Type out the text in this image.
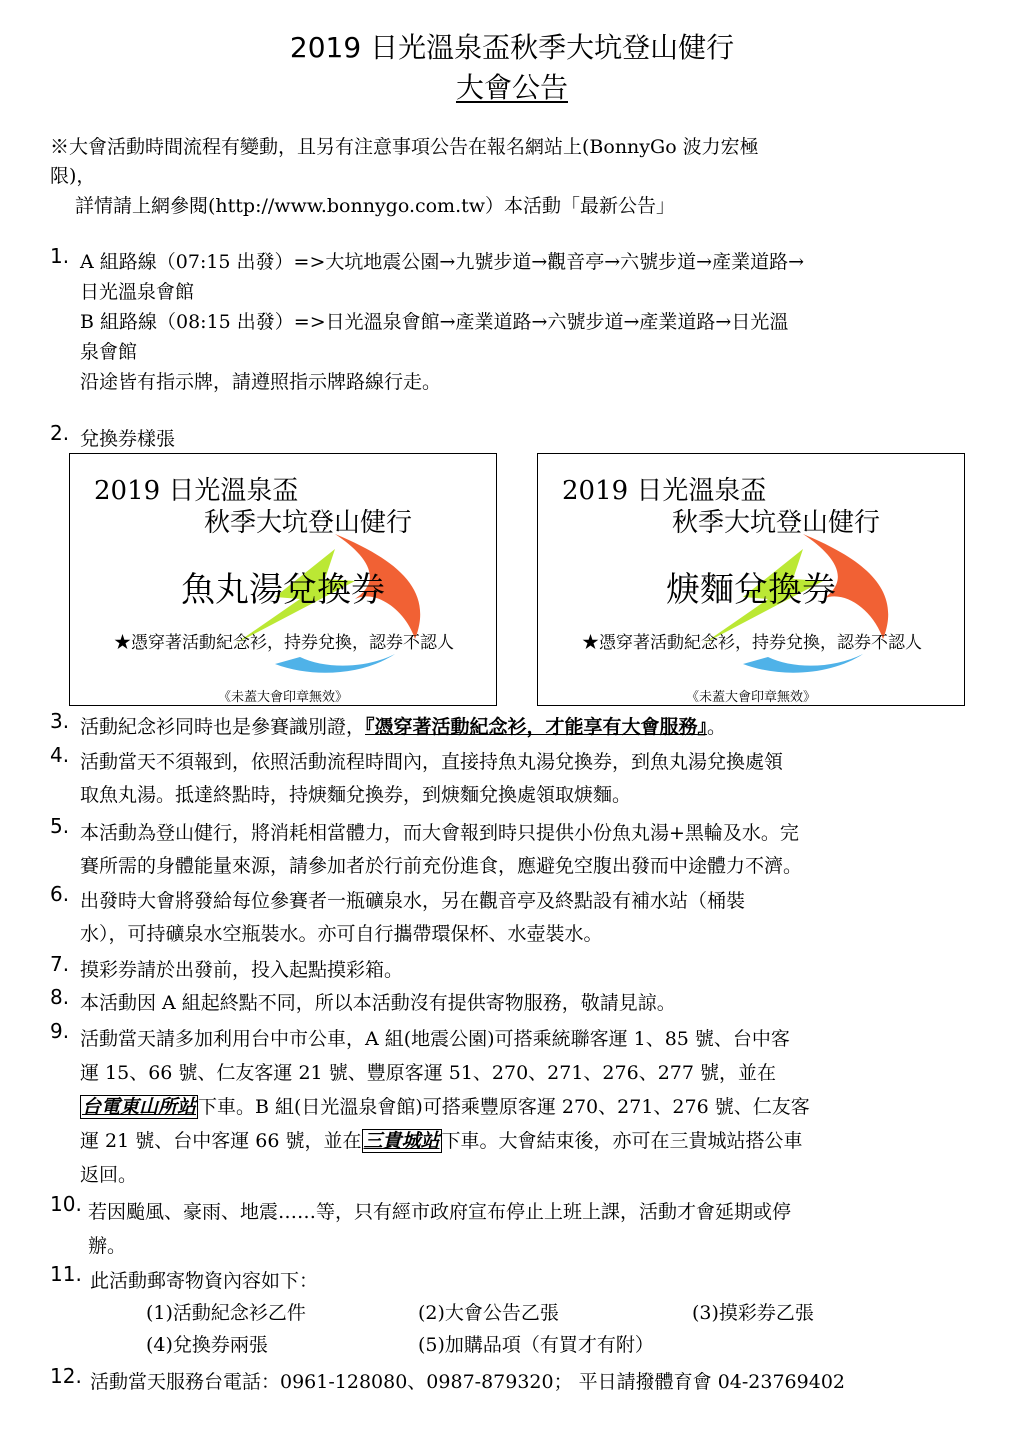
2019 日光溫泉盃秋季大坑登山健行
大會公告
※大會活動時間流程有變動，且另有注意事項公告在報名網站上(BonnyGo 波力宏極
限)，
詳情請上網參閱(http://www.bonnygo.com.tw）本活動「最新公告」
1. A 組路線（07:15 出發）=>大坑地震公園→九號步道→觀音亭→六號步道→產業道路→

日光溫泉會館

B 組路線（08:15 出發）=>日光溫泉會館→產業道路→六號步道→產業道路→日光溫

泉會館

沿途皆有指示牌，請遵照指示牌路線行走。

2. 兌換券樣張

2019 日光溫泉盃
秋季大坑登山健行
魚丸湯兌換券
★憑穿著活動紀念衫，持券兌換，認券不認人
《未蓋大會印章無效》
2019 日光溫泉盃
秋季大坑登山健行
焿麵兌換券
★憑穿著活動紀念衫，持券兌換，認券不認人
《未蓋大會印章無效》
3. 活動紀念衫同時也是參賽識別證，『憑穿著活動紀念衫，才能享有大會服務』。

4. 活動當天不須報到，依照活動流程時間內，直接持魚丸湯兌換券，到魚丸湯兌換處領

取魚丸湯。抵達終點時，持焿麵兌換券，到焿麵兌換處領取焿麵。

5. 本活動為登山健行，將消耗相當體力，而大會報到時只提供小份魚丸湯+黑輪及水。完

賽所需的身體能量來源，請參加者於行前充份進食，應避免空腹出發而中途體力不濟。

6. 出發時大會將發給每位參賽者一瓶礦泉水，另在觀音亭及終點設有補水站（桶裝

水），可持礦泉水空瓶裝水。亦可自行攜帶環保杯、水壺裝水。

7. 摸彩券請於出發前，投入起點摸彩箱。

8. 本活動因 A 組起終點不同，所以本活動沒有提供寄物服務，敬請見諒。

9. 活動當天請多加利用台中市公車，A 組(地震公園)可搭乘統聯客運 1、85 號、台中客

運 15、66 號、仁友客運 21 號、豐原客運 51、270、271、276、277 號，並在

台電東山所站 下車。B 組(日光溫泉會館)可搭乘豐原客運 270、271、276 號、仁友客

運 21 號、台中客運 66 號，並在 三貴城站 下車。大會結束後，亦可在三貴城站搭公車

返回。

10. 若因颱風、豪雨、地震……等，只有經市政府宣布停止上班上課，活動才會延期或停

辦。

11. 此活動郵寄物資內容如下：

(1)活動紀念衫乙件	(2)大會公告乙張	(3)摸彩券乙張

(4)兌換券兩張	(5)加購品項（有買才有附）

12. 活動當天服務台電話：0961-128080、0987-879320； 平日請撥體育會 04-23769402
